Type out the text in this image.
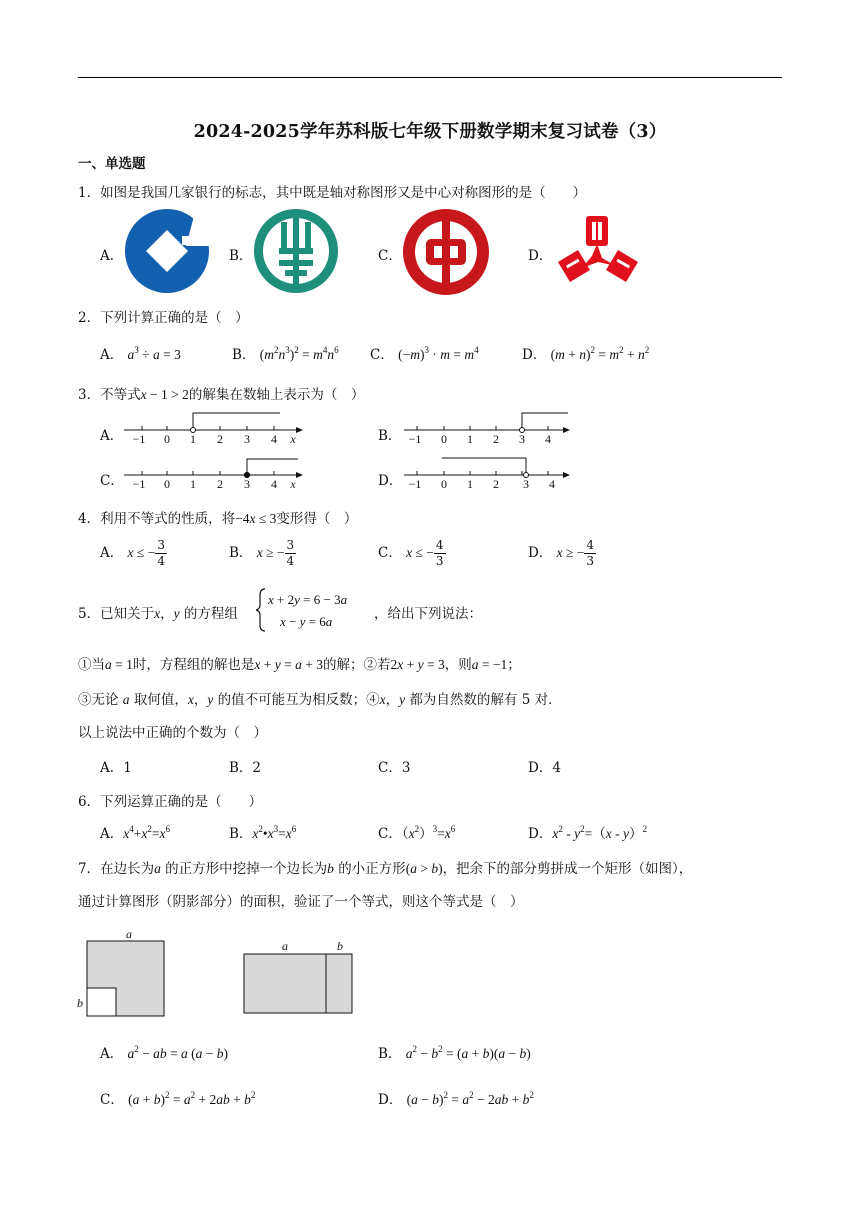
2024-2025学年苏科版七年级下册数学期末复习试卷（3）
一、单选题
1．如图是我国几家银行的标志，其中既是轴对称图形又是中心对称图形的是（　　）
A．	B．	C．	D．
2．下列计算正确的是（　）
A． $a^3 \div a = 3$	B． $(m^2n^3)^2 = m^4n^6$ C． $(-m)^3 \cdot m = m^4$	D． $(m + n)^2 = m^2 + n^2$
3．不等式x − 1 > 2的解集在数轴上表示为（　）
A．	B．
C．	D．
−1 0 1 2 3 4 x	−1 0 1 2 3 4
−1 0 1 2 3 4 x	−1 0 1 2 3 4
4．利用不等式的性质，将−4x ≤ 3变形得（　）
A． x ≤ − $\frac{3}{4}$	B． x ≥ − $\frac{3}{4}$	C． x ≤ − $\frac{4}{3}$	D． x ≥ − $\frac{4}{3}$
5．已知关于x，y 的方程组
x + 2y = 6 − 3a
x − y = 6a	，给出下列说法：
①当a = 1时，方程组的解也是x + y = a + 3的解；②若2x + y = 3，则a = −1；
③无论 a 取何值，x，y 的值不可能互为相反数；④x，y 都为自然数的解有 5 对．
以上说法中正确的个数为（　）
A．1	B．2	C．3	D．4
6．下列运算正确的是（　　）
A．$x^4+x^2=x^6$	B．$x^2•x^3=x^6$	C．$(x^2)^3=x^6$	D．$x^2 - y^2=(x - y)^2$
7．在边长为a 的正方形中挖掉一个边长为b 的小正方形(a > b)，把余下的部分剪拼成一个矩形（如图），
通过计算图形（阴影部分）的面积，验证了一个等式，则这个等式是（　）
a
b
a	b
A． $a^2$ − ab = a (a − b)	B． $a^2 - b^2 = (a + b)(a - b)$
C． $(a + b)^2 = a^2 + 2ab + b^2$	D． $(a - b)^2 = a^2 - 2ab + b^2$
